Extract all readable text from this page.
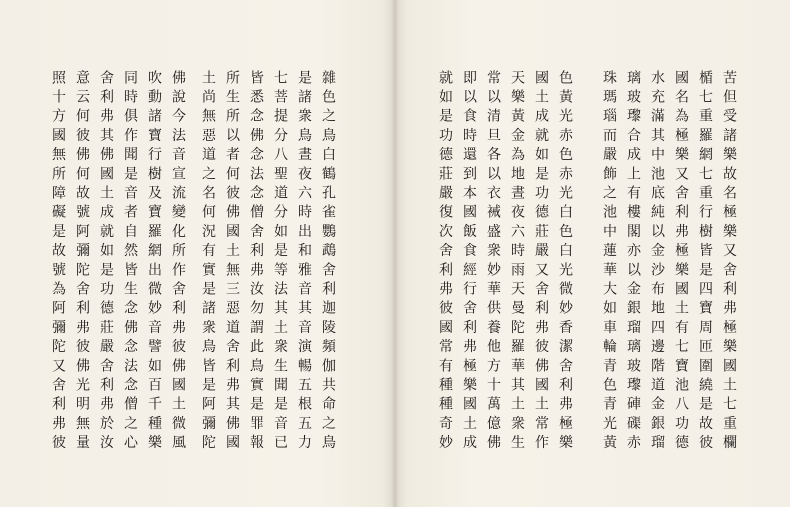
佛說今法音宣流變化所作舍利弗彼佛國土微風
吹動諸寶行樹及寶羅網出微妙音譬如百千種樂
同時俱作聞是音者自然皆生念佛念法念僧之心
舍利弗其佛國土成就如是功德莊嚴舍利弗於汝
意云何彼佛何故號阿彌陀舍利弗彼佛光明無量
照十方國無所障礙是故號為阿彌陀又舍利弗彼	雜色之鳥白鶴孔雀鸚鵡舍利迦陵頻伽共命之鳥
是諸衆鳥晝夜六時出和雅音其音演暢五根五力
七菩提分八聖道分如是等法其土衆生聞是音已
皆悉念佛念法念僧舍利弗汝勿謂此鳥實是罪報
所生所以者何彼佛國土無三惡道舍利弗其佛國
土尚無惡道之名何況有實是諸衆鳥皆是阿彌陀	苦但受諸樂故名極樂又舍利弗極樂國土七重欄
楯七重羅網七重行樹皆是四寶周匝圍繞是故彼
國名為極樂又舍利弗極樂國土有七寶池八功德
水充滿其中池底純以金沙布地四邊階道金銀瑠
璃玻瓈合成上有樓閣亦以金銀瑠璃玻瓈硨磲赤
珠瑪瑙而嚴飾之池中蓮華大如車輪青色青光黃
色黃光赤色赤光白色白光微妙香潔舍利弗極樂
國土成就如是功德莊嚴又舍利弗彼佛國土常作
天樂黃金為地晝夜六時雨天曼陀羅華其土衆生
常以清旦各以衣裓盛衆妙華供養他方十萬億佛
即以食時還到本國飯食經行舍利弗極樂國土成
就如是功德莊嚴復次舍利弗彼國常有種種奇妙
